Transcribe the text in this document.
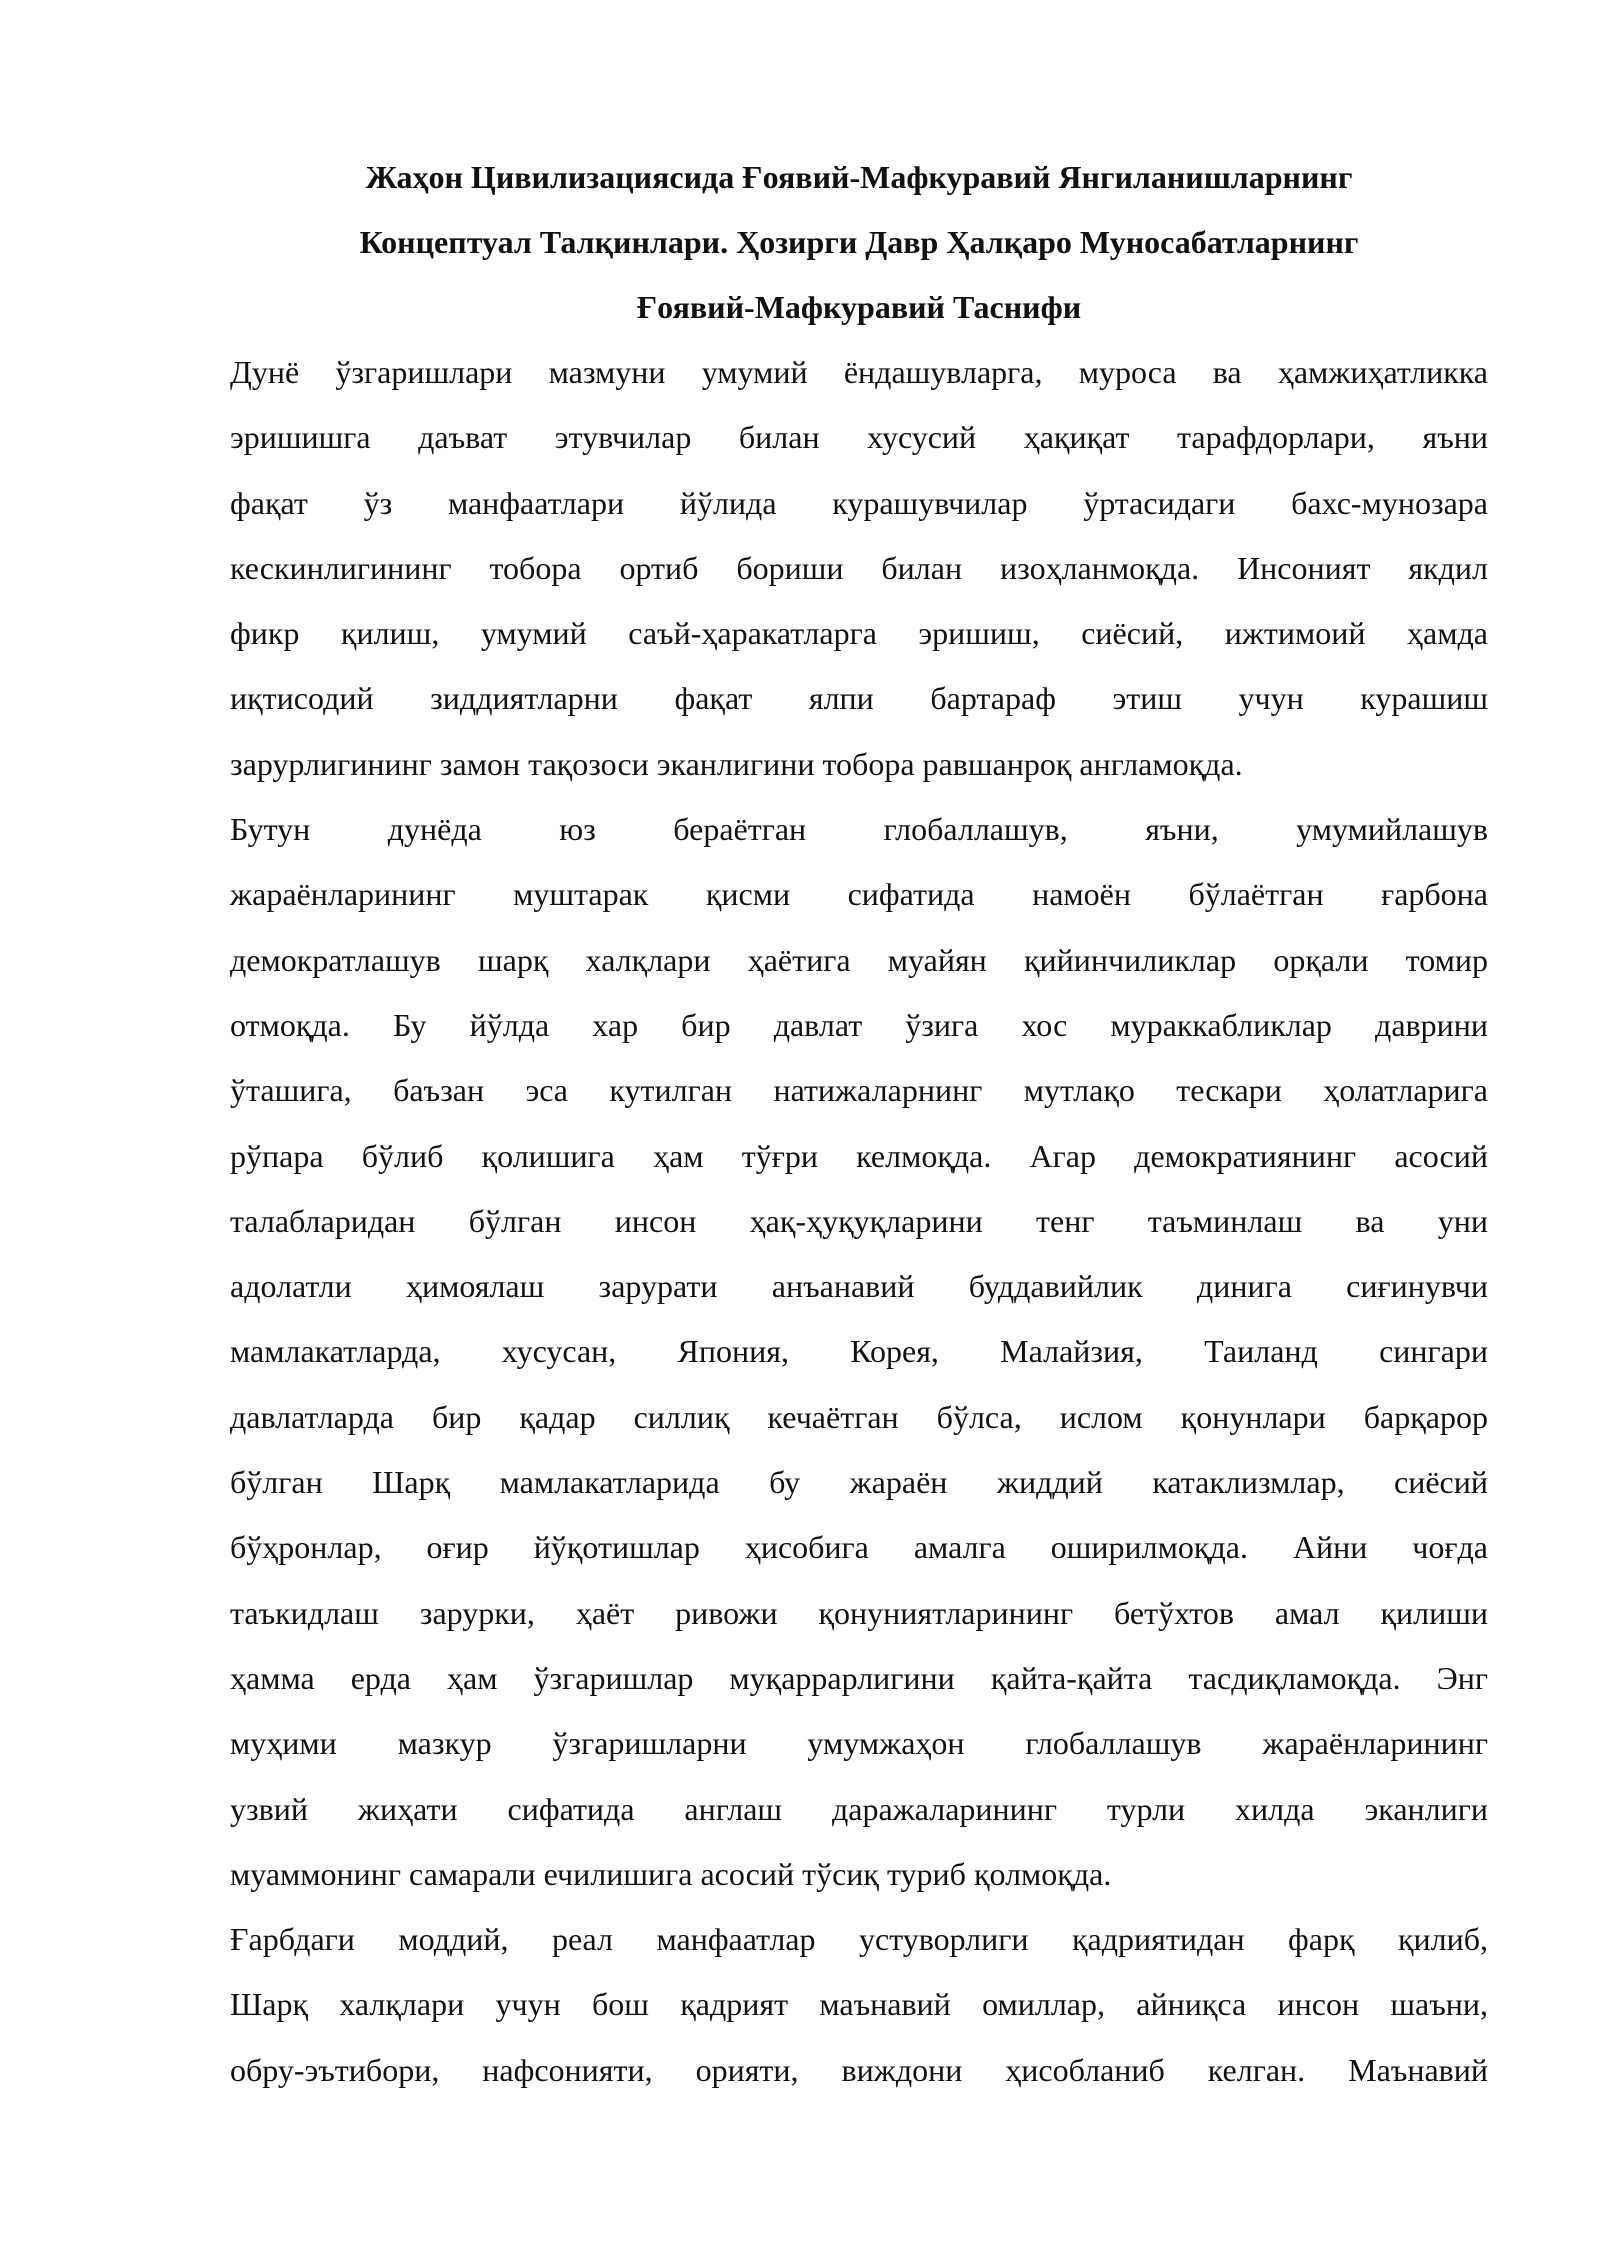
Жаҳон Цивилизациясида Ғоявий-Мафкуравий Янгиланишларнинг
Концептуал Талқинлари. Ҳозирги Давр Ҳалқаро Муносабатларнинг
Ғоявий-Мафкуравий Таснифи

Дунё ўзгаришлари мазмуни умумий ёндашувларга, муроса ва ҳамжиҳатликка
эришишга даъват этувчилар билан хусусий ҳақиқат тарафдорлари, яъни
фақат ўз манфаатлари йўлида курашувчилар ўртасидаги бахс-мунозара
кескинлигининг тобора ортиб бориши билан изоҳланмоқда. Инсоният якдил
фикр қилиш, умумий саъй-ҳаракатларга эришиш, сиёсий, ижтимоий ҳамда
иқтисодий зиддиятларни фақат ялпи бартараф этиш учун курашиш
зарурлигининг замон тақозоси эканлигини тобора равшанроқ англамоқда.

Бутун дунёда юз бераётган глобаллашув, яъни, умумийлашув
жараёнларининг муштарак қисми сифатида намоён бўлаётган ғарбона
демократлашув шарқ халқлари ҳаётига муайян қийинчиликлар орқали томир
отмоқда. Бу йўлда хар бир давлат ўзига хос мураккабликлар даврини
ўташига, баъзан эса кутилган натижаларнинг мутлақо тескари ҳолатларига
рўпара бўлиб қолишига ҳам тўғри келмоқда. Агар демократиянинг асосий
талабларидан бўлган инсон ҳақ-ҳуқуқларини тенг таъминлаш ва уни
адолатли ҳимоялаш зарурати анъанавий буддавийлик динига сиғинувчи
мамлакатларда, хусусан, Япония, Корея, Малайзия, Таиланд сингари
давлатларда бир қадар силлиқ кечаётган бўлса, ислом қонунлари барқарор
бўлган Шарқ мамлакатларида бу жараён жиддий катаклизмлар, сиёсий
бўҳронлар, оғир йўқотишлар ҳисобига амалга оширилмоқда. Айни чоғда
таъкидлаш зарурки, ҳаёт ривожи қонуниятларининг бетўхтов амал қилиши
ҳамма ерда ҳам ўзгаришлар муқаррарлигини қайта-қайта тасдиқламоқда. Энг
муҳими мазкур ўзгаришларни умумжаҳон глобаллашув жараёнларининг
узвий жиҳати сифатида англаш даражаларининг турли хилда эканлиги
муаммонинг самарали ечилишига асосий тўсиқ туриб қолмоқда.

Ғарбдаги моддий, реал манфаатлар устуворлиги қадриятидан фарқ қилиб,
Шарқ халқлари учун бош қадрият маънавий омиллар, айниқса инсон шаъни,
обру-эътибори, нафсонияти, орияти, виждони ҳисобланиб келган. Маънавий
